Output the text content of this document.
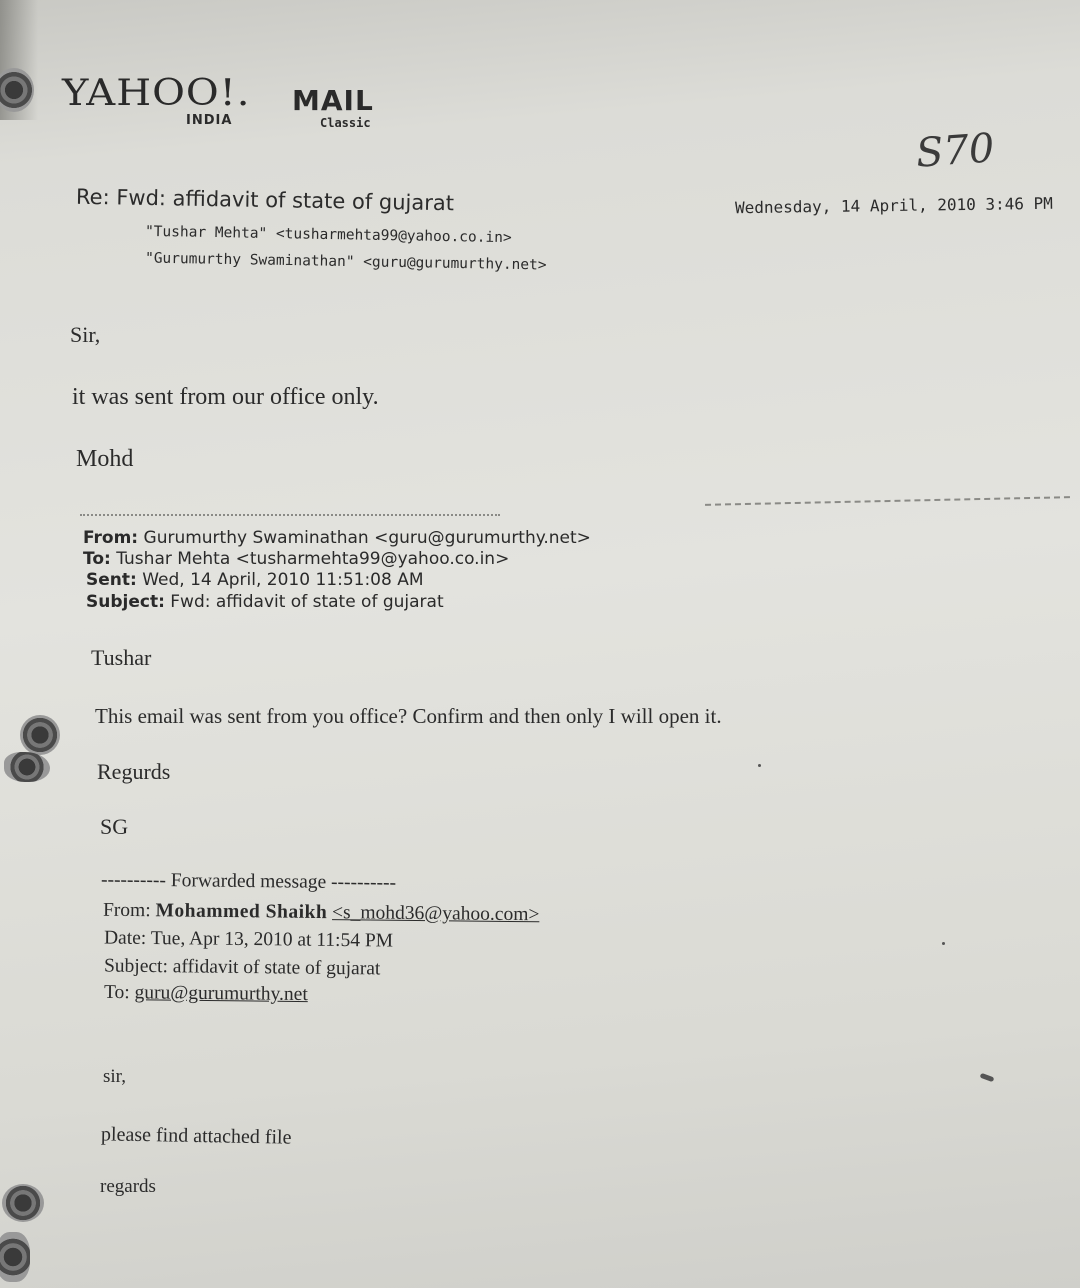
YAHOO!. MAIL
INDIA	Classic
S70
Re: Fwd: affidavit of state of gujarat	Wednesday, 14 April, 2010 3:46 PM
"Tushar Mehta" <tusharmehta99@yahoo.co.in>
"Gurumurthy Swaminathan" <guru@gurumurthy.net>
Sir,
it was sent from our office only.
Mohd
From: Gurumurthy Swaminathan <guru@gurumurthy.net>
To: Tushar Mehta <tusharmehta99@yahoo.co.in>
Sent: Wed, 14 April, 2010 11:51:08 AM
Subject: Fwd: affidavit of state of gujarat
Tushar
This email was sent from you office? Confirm and then only I will open it.
Regurds
SG
---------- Forwarded message ----------
From: Mohammed Shaikh <s_mohd36@yahoo.com>
Date: Tue, Apr 13, 2010 at 11:54 PM
Subject: affidavit of state of gujarat
To: guru@gurumurthy.net
sir,
please find attached file
regards
